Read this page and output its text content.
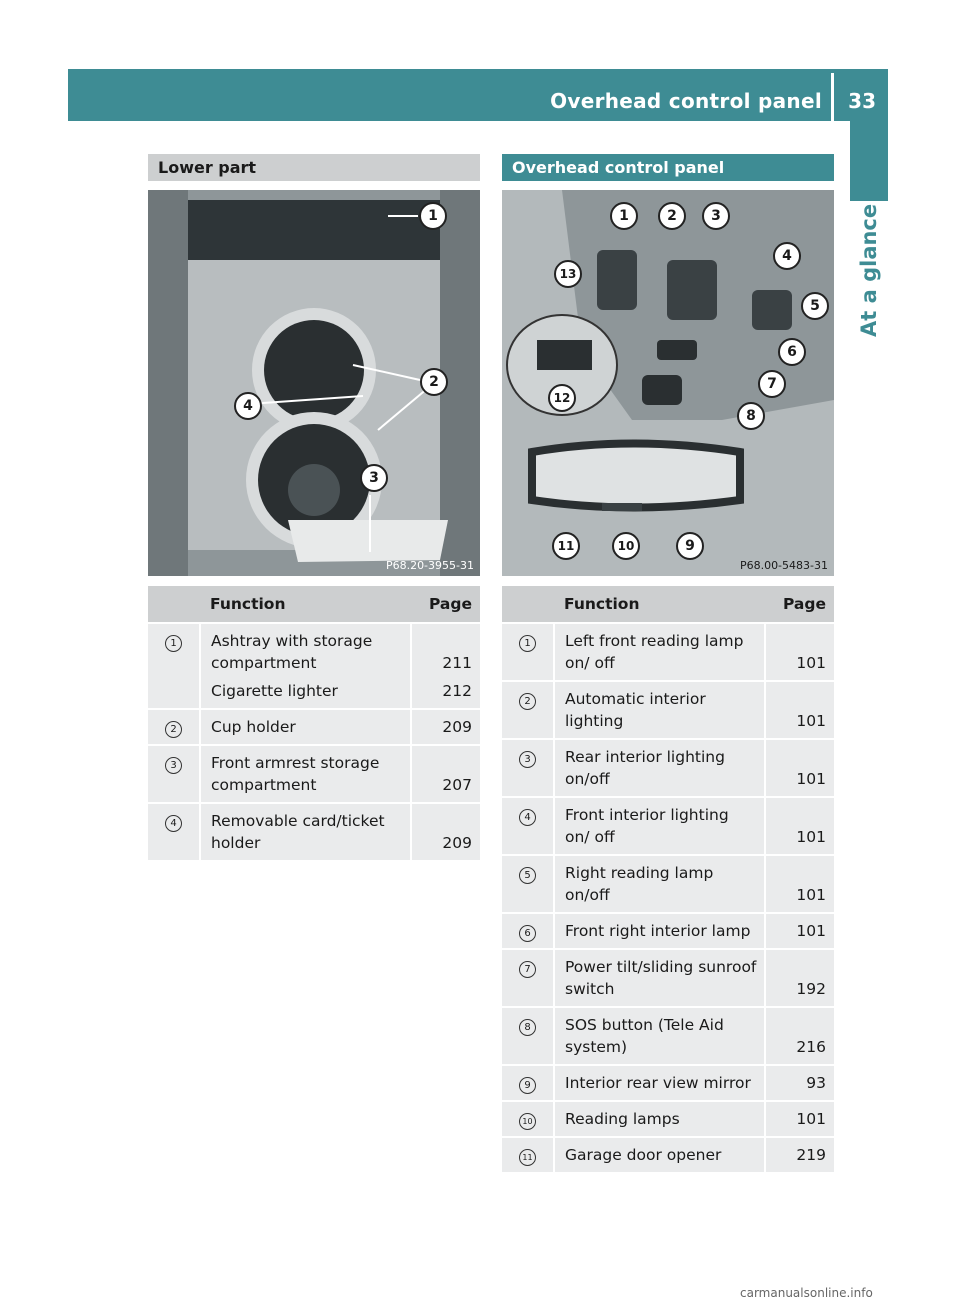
Overhead control panel 33
At a glance
Lower part
1
2
3
4
P68.20-3955-31
	Function	Page
1	Ashtray with storage compartment	211
	Cigarette lighter	212
2	Cup holder	209
3	Front armrest storage compartment	207
4	Removable card/ticket holder	209
Overhead control panel
1	2	3
4
5
6
7
8
9
10
11
12
13
P68.00-5483-31
	Function	Page
1	Left front reading lamp on/ off	101
2	Automatic interior lighting	101
3	Rear interior lighting on/off	101
4	Front interior lighting on/ off	101
5	Right reading lamp on/off	101
6	Front right interior lamp	101
7	Power tilt/sliding sunroof switch	192
8	SOS button (Tele Aid system)	216
9	Interior rear view mirror	93
10	Reading lamps	101
11	Garage door opener	219
carmanualsonline.info
